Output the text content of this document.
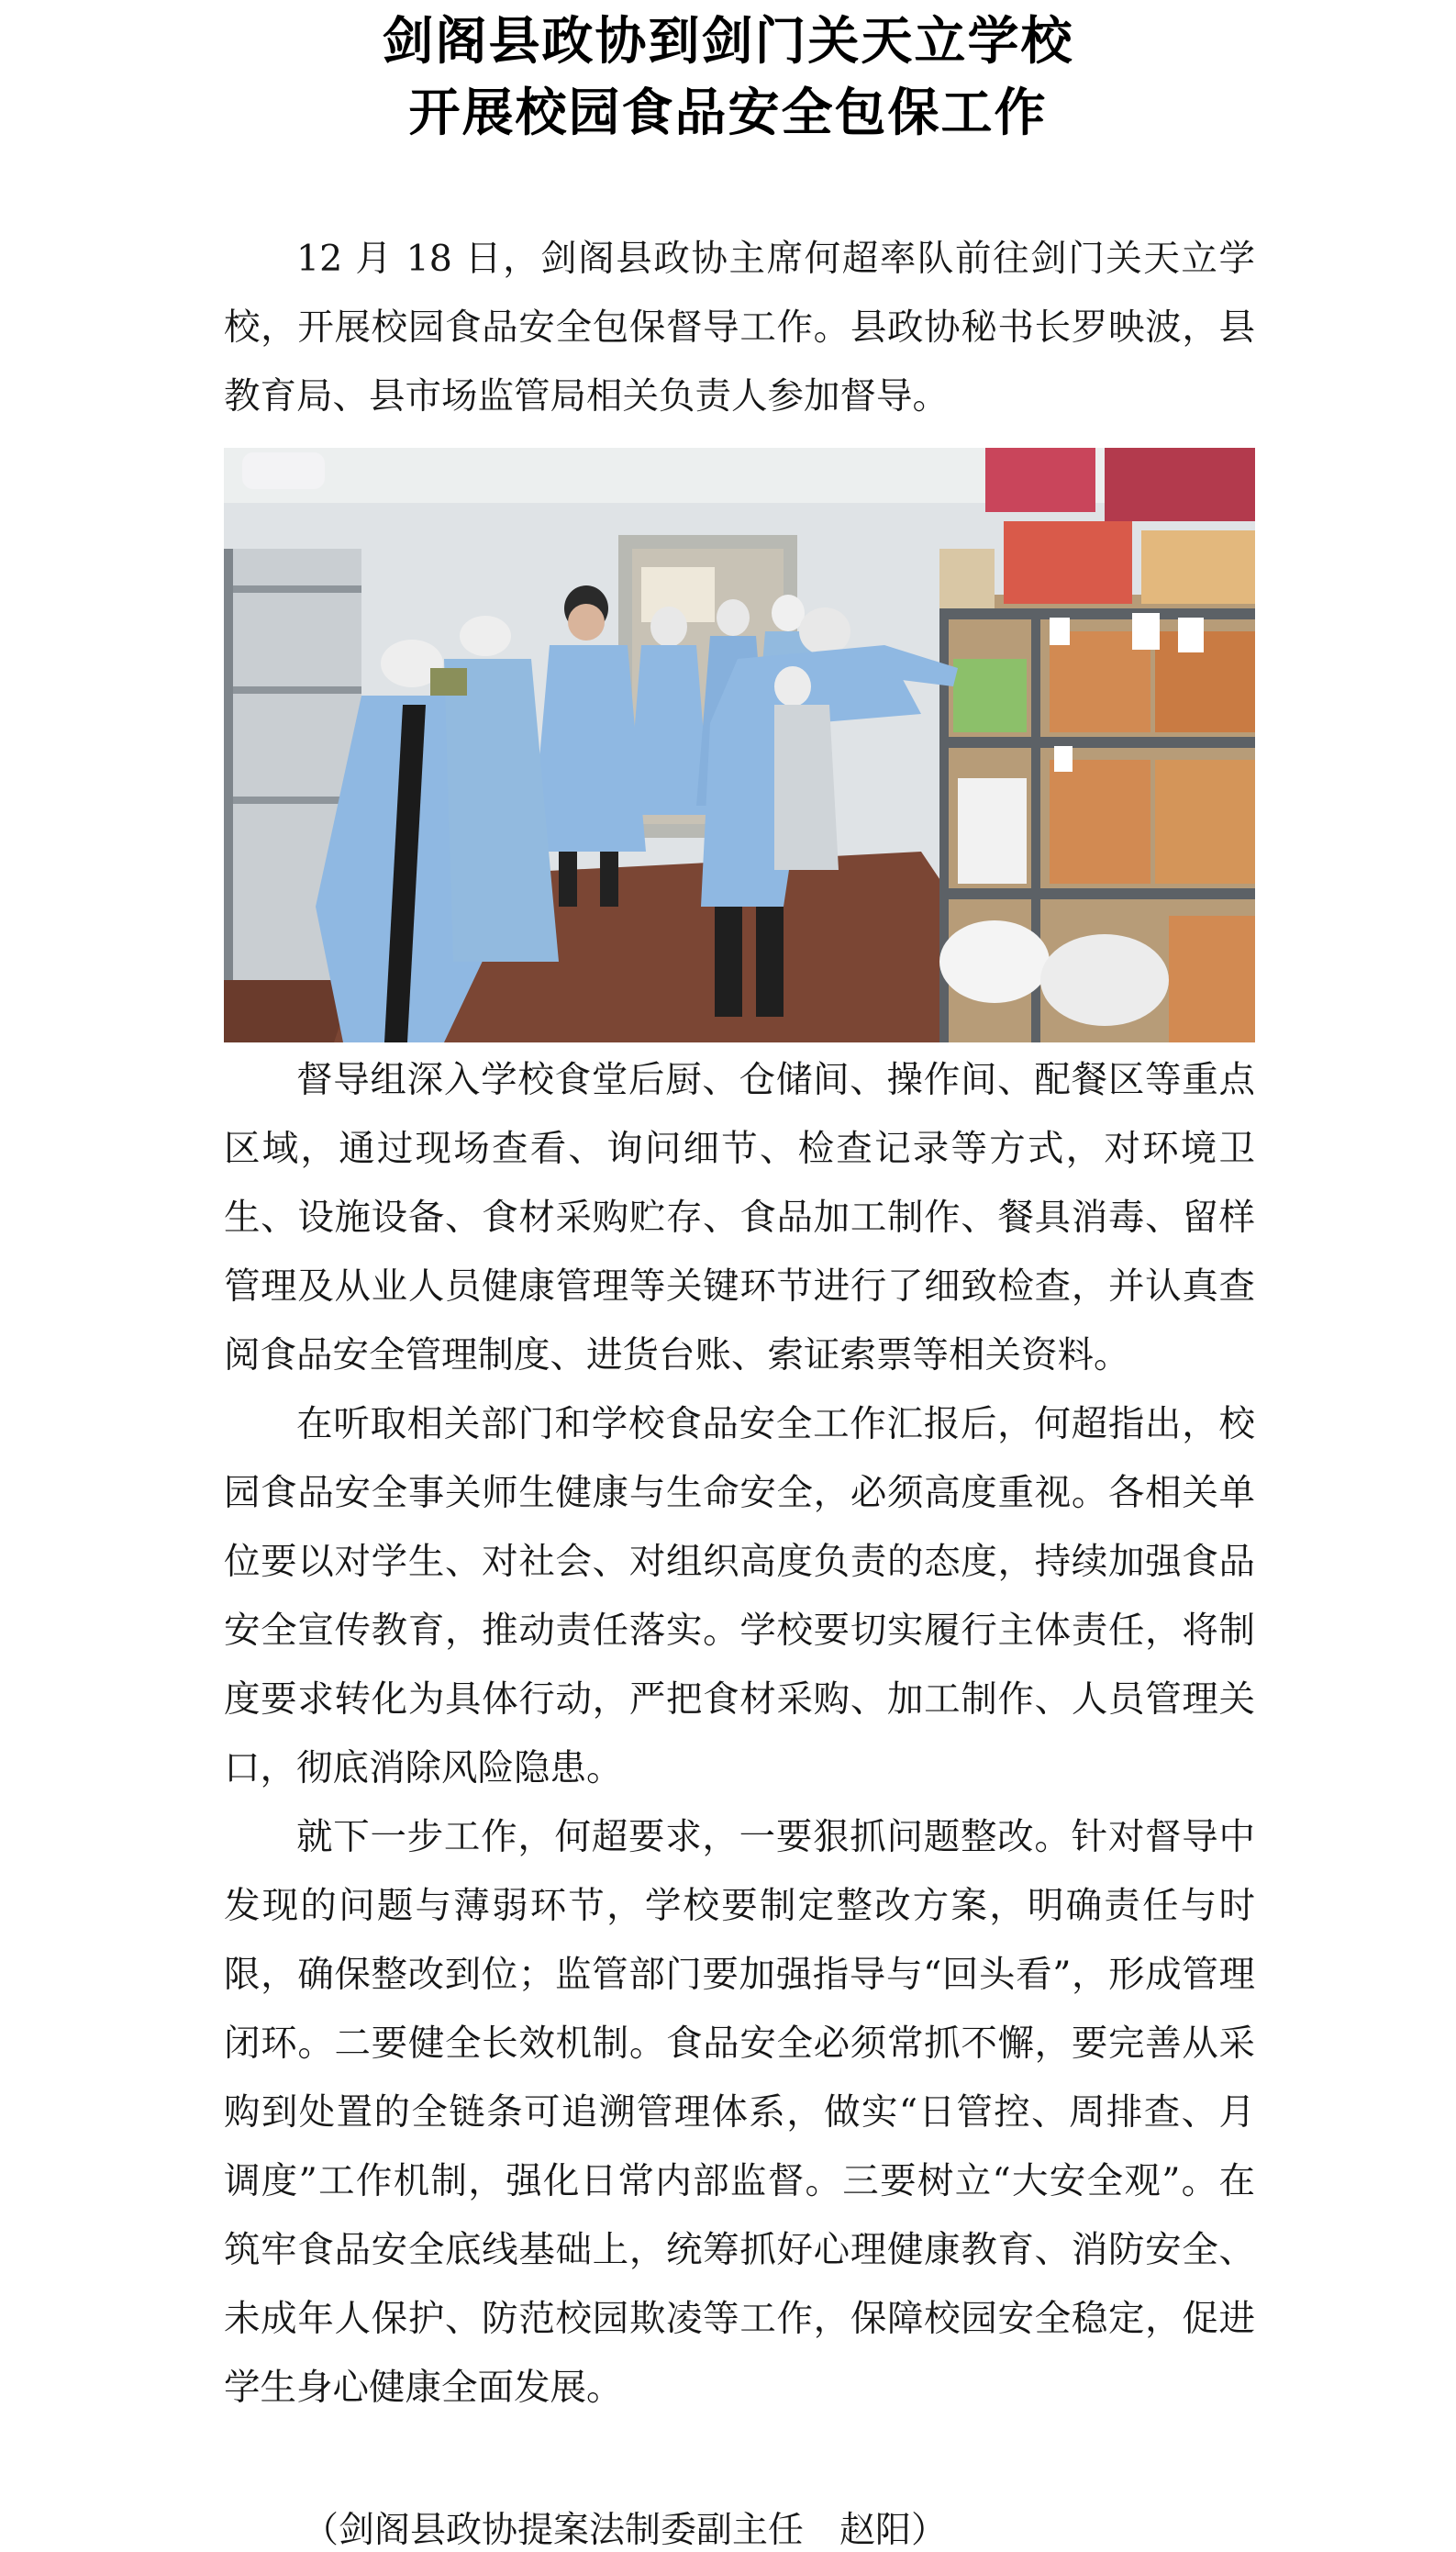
剑阁县政协到剑门关天立学校
开展校园食品安全包保工作

12 月 18 日，剑阁县政协主席何超率队前往剑门关天立学校，开展校园食品安全包保督导工作。县政协秘书长罗映波，县教育局、县市场监管局相关负责人参加督导。

督导组深入学校食堂后厨、仓储间、操作间、配餐区等重点区域，通过现场查看、询问细节、检查记录等方式，对环境卫生、设施设备、食材采购贮存、食品加工制作、餐具消毒、留样管理及从业人员健康管理等关键环节进行了细致检查，并认真查阅食品安全管理制度、进货台账、索证索票等相关资料。

在听取相关部门和学校食品安全工作汇报后，何超指出，校园食品安全事关师生健康与生命安全，必须高度重视。各相关单位要以对学生、对社会、对组织高度负责的态度，持续加强食品安全宣传教育，推动责任落实。学校要切实履行主体责任，将制度要求转化为具体行动，严把食材采购、加工制作、人员管理关口，彻底消除风险隐患。

就下一步工作，何超要求，一要狠抓问题整改。针对督导中发现的问题与薄弱环节，学校要制定整改方案，明确责任与时限，确保整改到位；监管部门要加强指导与“回头看”，形成管理闭环。二要健全长效机制。食品安全必须常抓不懈，要完善从采购到处置的全链条可追溯管理体系，做实“日管控、周排查、月调度”工作机制，强化日常内部监督。三要树立“大安全观”。在筑牢食品安全底线基础上，统筹抓好心理健康教育、消防安全、未成年人保护、防范校园欺凌等工作，保障校园安全稳定，促进学生身心健康全面发展。

（剑阁县政协提案法制委副主任　赵阳）
